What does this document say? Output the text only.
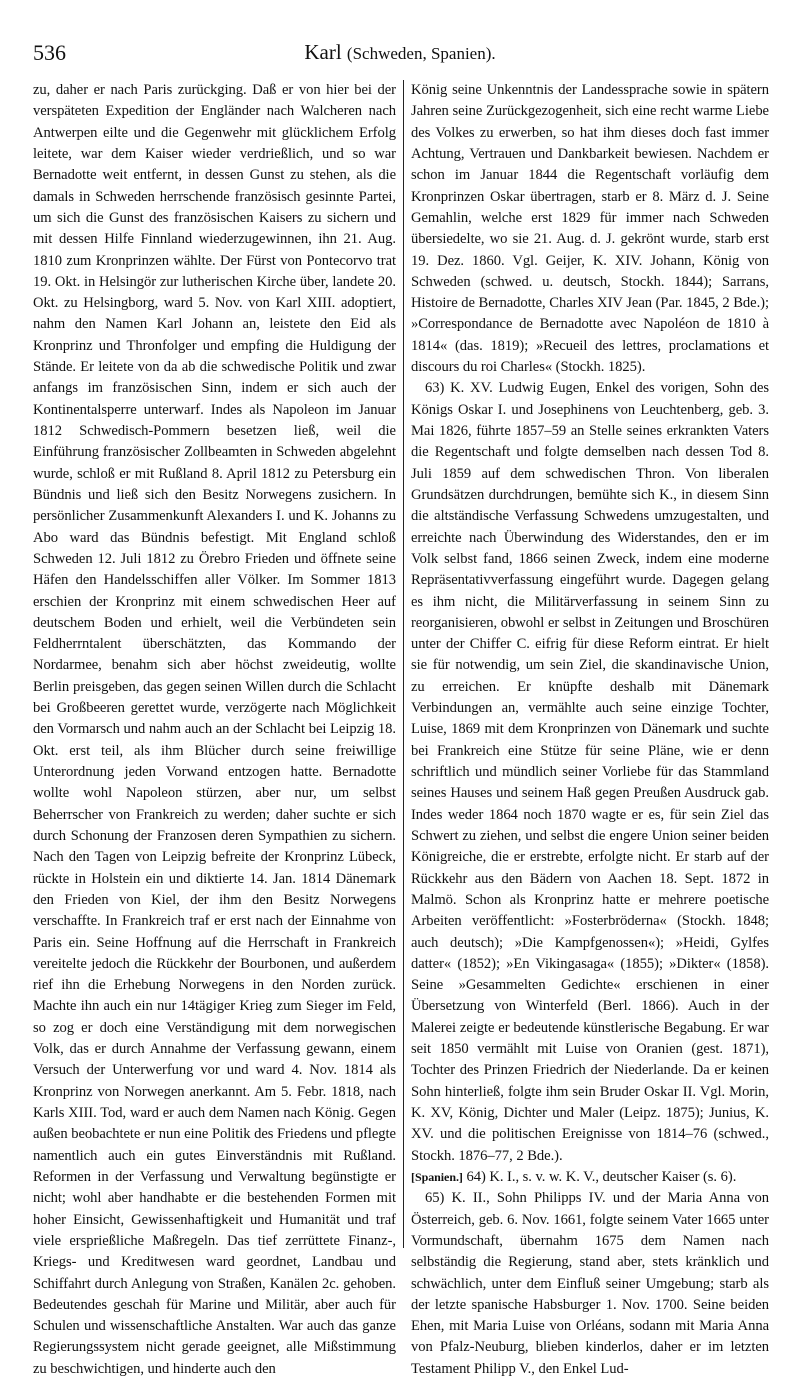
536	Karl (Schweden, Spanien).

zu, daher er nach Paris zurückging. Daß er von hier bei der verspäteten Expedition der Engländer nach Walcheren nach Antwerpen eilte und die Gegenwehr mit glücklichem Erfolg leitete, war dem Kaiser wieder verdrießlich, und so war Bernadotte weit entfernt, in dessen Gunst zu stehen, als die damals in Schweden herrschende französisch gesinnte Partei, um sich die Gunst des französischen Kaisers zu sichern und mit dessen Hilfe Finnland wiederzugewinnen, ihn 21. Aug. 1810 zum Kronprinzen wählte. Der Fürst von Pontecorvo trat 19. Okt. in Helsingör zur lutherischen Kirche über, landete 20. Okt. zu Helsingborg, ward 5. Nov. von Karl XIII. adoptiert, nahm den Namen Karl Johann an, leistete den Eid als Kronprinz und Thronfolger und empfing die Huldigung der Stände. Er leitete von da ab die schwedische Politik und zwar anfangs im französischen Sinn, indem er sich auch der Kontinentalsperre unterwarf. Indes als Napoleon im Januar 1812 Schwedisch-Pommern besetzen ließ, weil die Einführung französischer Zollbeamten in Schweden abgelehnt wurde, schloß er mit Rußland 8. April 1812 zu Petersburg ein Bündnis und ließ sich den Besitz Norwegens zusichern. In persönlicher Zusammenkunft Alexanders I. und K. Johanns zu Abo ward das Bündnis befestigt. Mit England schloß Schweden 12. Juli 1812 zu Örebro Frieden und öffnete seine Häfen den Handelsschiffen aller Völker. Im Sommer 1813 erschien der Kronprinz mit einem schwedischen Heer auf deutschem Boden und erhielt, weil die Verbündeten sein Feldherrntalent überschätzten, das Kommando der Nordarmee, benahm sich aber höchst zweideutig, wollte Berlin preisgeben, das gegen seinen Willen durch die Schlacht bei Großbeeren gerettet wurde, verzögerte nach Möglichkeit den Vormarsch und nahm auch an der Schlacht bei Leipzig 18. Okt. erst teil, als ihm Blücher durch seine freiwillige Unterordnung jeden Vorwand entzogen hatte. Bernadotte wollte wohl Napoleon stürzen, aber nur, um selbst Beherrscher von Frankreich zu werden; daher suchte er sich durch Schonung der Franzosen deren Sympathien zu sichern. Nach den Tagen von Leipzig befreite der Kronprinz Lübeck, rückte in Holstein ein und diktierte 14. Jan. 1814 Dänemark den Frieden von Kiel, der ihm den Besitz Norwegens verschaffte. In Frankreich traf er erst nach der Einnahme von Paris ein. Seine Hoffnung auf die Herrschaft in Frankreich vereitelte jedoch die Rückkehr der Bourbonen, und außerdem rief ihn die Erhebung Norwegens in den Norden zurück. Machte ihn auch ein nur 14tägiger Krieg zum Sieger im Feld, so zog er doch eine Verständigung mit dem norwegischen Volk, das er durch Annahme der Verfassung gewann, einem Versuch der Unterwerfung vor und ward 4. Nov. 1814 als Kronprinz von Norwegen anerkannt. Am 5. Febr. 1818, nach Karls XIII. Tod, ward er auch dem Namen nach König. Gegen außen beobachtete er nun eine Politik des Friedens und pflegte namentlich auch ein gutes Einverständnis mit Rußland. Reformen in der Verfassung und Verwaltung begünstigte er nicht; wohl aber handhabte er die bestehenden Formen mit hoher Einsicht, Gewissenhaftigkeit und Humanität und traf viele ersprießliche Maßregeln. Das tief zerrüttete Finanz-, Kriegs- und Kreditwesen ward geordnet, Landbau und Schiffahrt durch Anlegung von Straßen, Kanälen 2c. gehoben. Bedeutendes geschah für Marine und Militär, aber auch für Schulen und wissenschaftliche Anstalten. War auch das ganze Regierungssystem nicht gerade geeignet, alle Mißstimmung zu beschwichtigen, und hinderte auch den

König seine Unkenntnis der Landessprache sowie in spätern Jahren seine Zurückgezogenheit, sich eine recht warme Liebe des Volkes zu erwerben, so hat ihm dieses doch fast immer Achtung, Vertrauen und Dankbarkeit bewiesen. Nachdem er schon im Januar 1844 die Regentschaft vorläufig dem Kronprinzen Oskar übertragen, starb er 8. März d. J. Seine Gemahlin, welche erst 1829 für immer nach Schweden übersiedelte, wo sie 21. Aug. d. J. gekrönt wurde, starb erst 19. Dez. 1860. Vgl. Geijer, K. XIV. Johann, König von Schweden (schwed. u. deutsch, Stockh. 1844); Sarrans, Histoire de Bernadotte, Charles XIV Jean (Par. 1845, 2 Bde.); »Correspondance de Bernadotte avec Napoléon de 1810 à 1814« (das. 1819); »Recueil des lettres, proclamations et discours du roi Charles« (Stockh. 1825).

63) K. XV. Ludwig Eugen, Enkel des vorigen, Sohn des Königs Oskar I. und Josephinens von Leuchtenberg, geb. 3. Mai 1826, führte 1857–59 an Stelle seines erkrankten Vaters die Regentschaft und folgte demselben nach dessen Tod 8. Juli 1859 auf dem schwedischen Thron. Von liberalen Grundsätzen durchdrungen, bemühte sich K., in diesem Sinn die altständische Verfassung Schwedens umzugestalten, und erreichte nach Überwindung des Widerstandes, den er im Volk selbst fand, 1866 seinen Zweck, indem eine moderne Repräsentativverfassung eingeführt wurde. Dagegen gelang es ihm nicht, die Militärverfassung in seinem Sinn zu reorganisieren, obwohl er selbst in Zeitungen und Broschüren unter der Chiffer C. eifrig für diese Reform eintrat. Er hielt sie für notwendig, um sein Ziel, die skandinavische Union, zu erreichen. Er knüpfte deshalb mit Dänemark Verbindungen an, vermählte auch seine einzige Tochter, Luise, 1869 mit dem Kronprinzen von Dänemark und suchte bei Frankreich eine Stütze für seine Pläne, wie er denn schriftlich und mündlich seiner Vorliebe für das Stammland seines Hauses und seinem Haß gegen Preußen Ausdruck gab. Indes weder 1864 noch 1870 wagte er es, für sein Ziel das Schwert zu ziehen, und selbst die engere Union seiner beiden Königreiche, die er erstrebte, erfolgte nicht. Er starb auf der Rückkehr aus den Bädern von Aachen 18. Sept. 1872 in Malmö. Schon als Kronprinz hatte er mehrere poetische Arbeiten veröffentlicht: »Fosterbröderna« (Stockh. 1848; auch deutsch); »Die Kampfgenossen«); »Heidi, Gylfes datter« (1852); »En Vikingasaga« (1855); »Dikter« (1858). Seine »Gesammelten Gedichte« erschienen in einer Übersetzung von Winterfeld (Berl. 1866). Auch in der Malerei zeigte er bedeutende künstlerische Begabung. Er war seit 1850 vermählt mit Luise von Oranien (gest. 1871), Tochter des Prinzen Friedrich der Niederlande. Da er keinen Sohn hinterließ, folgte ihm sein Bruder Oskar II. Vgl. Morin, K. XV, König, Dichter und Maler (Leipz. 1875); Junius, K. XV. und die politischen Ereignisse von 1814–76 (schwed., Stockh. 1876–77, 2 Bde.).

[Spanien.] 64) K. I., s. v. w. K. V., deutscher Kaiser (s. 6).

65) K. II., Sohn Philipps IV. und der Maria Anna von Österreich, geb. 6. Nov. 1661, folgte seinem Vater 1665 unter Vormundschaft, übernahm 1675 dem Namen nach selbständig die Regierung, stand aber, stets kränklich und schwächlich, unter dem Einfluß seiner Umgebung; starb als der letzte spanische Habsburger 1. Nov. 1700. Seine beiden Ehen, mit Maria Luise von Orléans, sodann mit Maria Anna von Pfalz-Neuburg, blieben kinderlos, daher er im letzten Testament Philipp V., den Enkel Lud-
